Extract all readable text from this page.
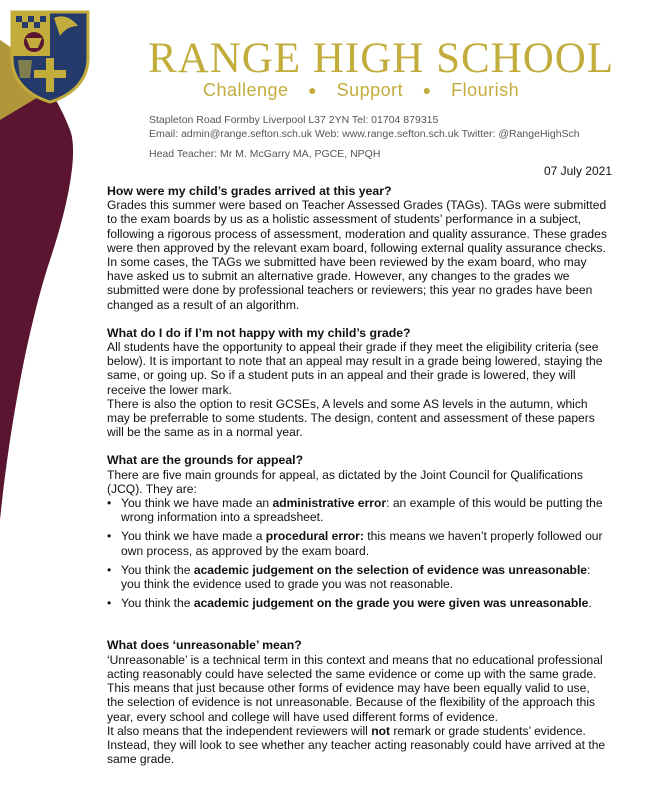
RANGE HIGH SCHOOL
Challenge ● Support ● Flourish
Stapleton Road Formby Liverpool L37 2YN Tel: 01704 879315
Email: admin@range.sefton.sch.uk Web: www.range.sefton.sch.uk Twitter: @RangeHighSch
Head Teacher: Mr M. McGarry MA, PGCE, NPQH
07 July 2021

How were my child’s grades arrived at this year?

Grades this summer were based on Teacher Assessed Grades (TAGs). TAGs were submitted to the exam boards by us as a holistic assessment of students’ performance in a subject, following a rigorous process of assessment, moderation and quality assurance. These grades were then approved by the relevant exam board, following external quality assurance checks.

In some cases, the TAGs we submitted have been reviewed by the exam board, who may have asked us to submit an alternative grade. However, any changes to the grades we submitted were done by professional teachers or reviewers; this year no grades have been changed as a result of an algorithm.

What do I do if I’m not happy with my child’s grade?

All students have the opportunity to appeal their grade if they meet the eligibility criteria (see below). It is important to note that an appeal may result in a grade being lowered, staying the same, or going up. So if a student puts in an appeal and their grade is lowered, they will receive the lower mark.

There is also the option to resit GCSEs, A levels and some AS levels in the autumn, which may be preferrable to some students. The design, content and assessment of these papers will be the same as in a normal year.

What are the grounds for appeal?

There are five main grounds for appeal, as dictated by the Joint Council for Qualifications (JCQ). They are:

• You think we have made an administrative error: an example of this would be putting the wrong information into a spreadsheet.
• You think we have made a procedural error: this means we haven’t properly followed our own process, as approved by the exam board.
• You think the academic judgement on the selection of evidence was unreasonable: you think the evidence used to grade you was not reasonable.
• You think the academic judgement on the grade you were given was unreasonable.

What does ‘unreasonable’ mean?

‘Unreasonable’ is a technical term in this context and means that no educational professional acting reasonably could have selected the same evidence or come up with the same grade. This means that just because other forms of evidence may have been equally valid to use, the selection of evidence is not unreasonable. Because of the flexibility of the approach this year, every school and college will have used different forms of evidence.

It also means that the independent reviewers will not remark or grade students’ evidence. Instead, they will look to see whether any teacher acting reasonably could have arrived at the same grade.
